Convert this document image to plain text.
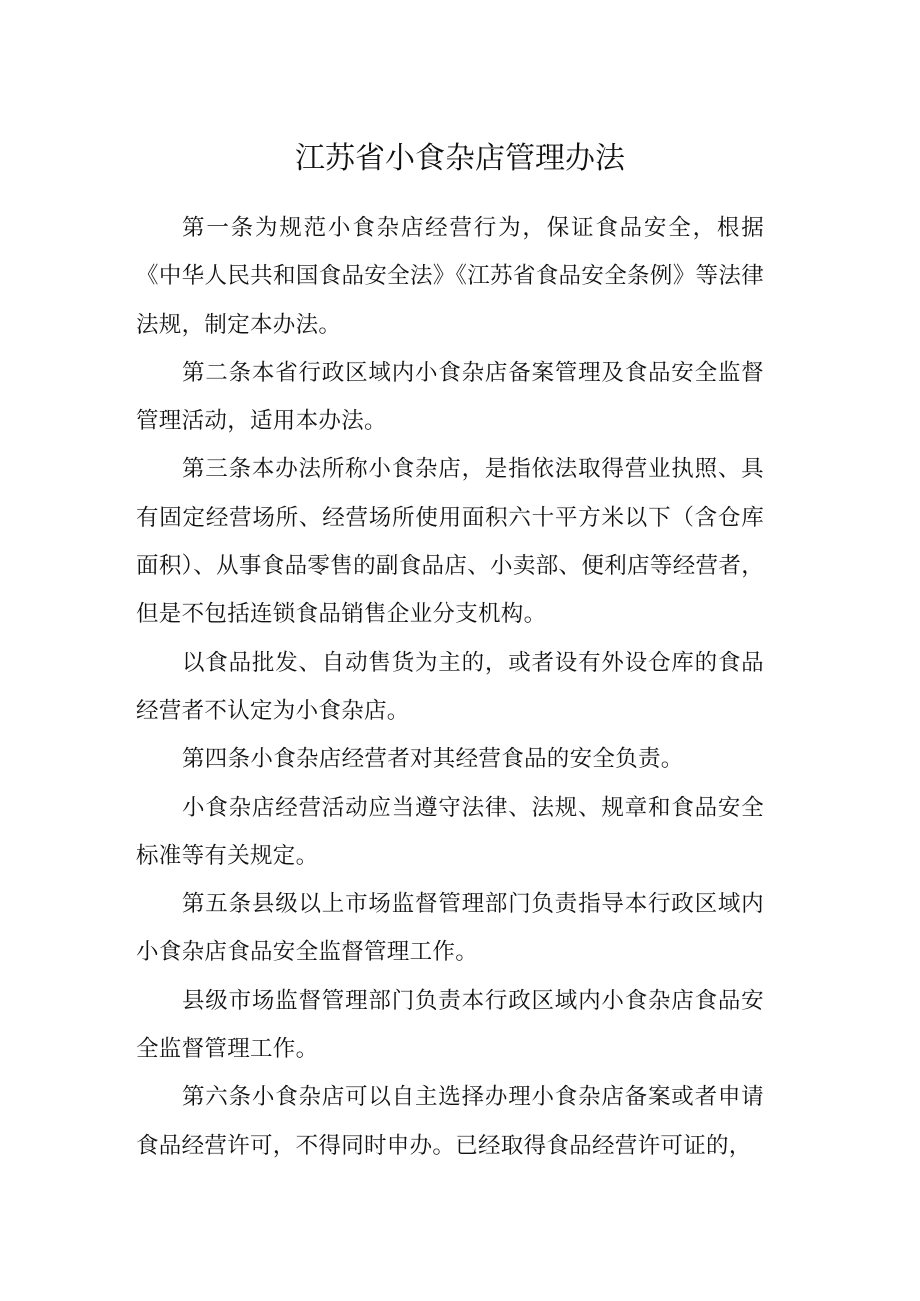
江苏省小食杂店管理办法

第一条为规范小食杂店经营行为，保证食品安全，根据《中华人民共和国食品安全法》《江苏省食品安全条例》等法律法规，制定本办法。

第二条本省行政区域内小食杂店备案管理及食品安全监督管理活动，适用本办法。

第三条本办法所称小食杂店，是指依法取得营业执照、具有固定经营场所、经营场所使用面积六十平方米以下（含仓库面积）、从事食品零售的副食品店、小卖部、便利店等经营者，但是不包括连锁食品销售企业分支机构。

以食品批发、自动售货为主的，或者设有外设仓库的食品经营者不认定为小食杂店。

第四条小食杂店经营者对其经营食品的安全负责。

小食杂店经营活动应当遵守法律、法规、规章和食品安全标准等有关规定。

第五条县级以上市场监督管理部门负责指导本行政区域内小食杂店食品安全监督管理工作。

县级市场监督管理部门负责本行政区域内小食杂店食品安全监督管理工作。

第六条小食杂店可以自主选择办理小食杂店备案或者申请食品经营许可，不得同时申办。已经取得食品经营许可证的，
